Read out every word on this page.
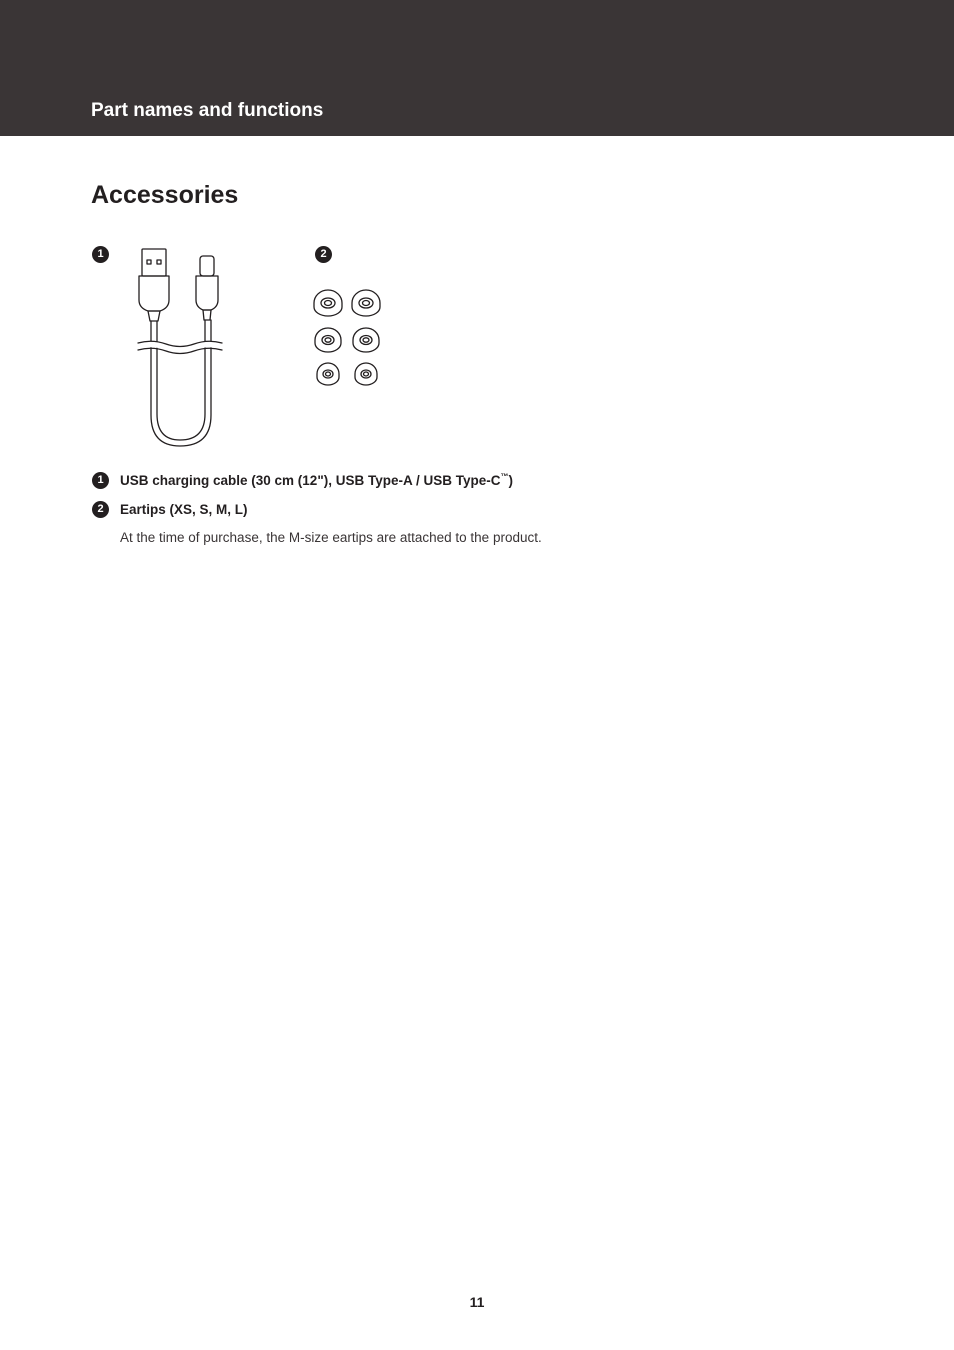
Part names and functions
Accessories
1	2
1	USB charging cable (30 cm (12"), USB Type-A / USB Type-C™)
2	Eartips (XS, S, M, L)
At the time of purchase, the M-size eartips are attached to the product.
11
